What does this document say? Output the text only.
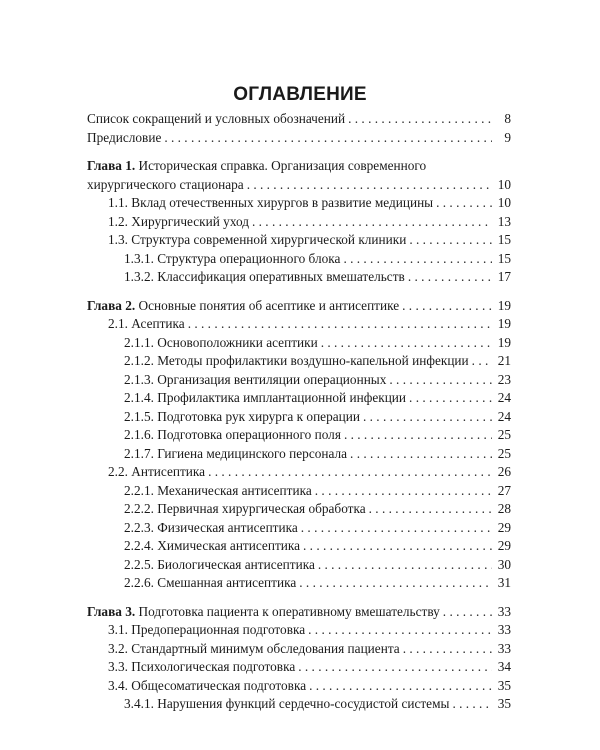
ОГЛАВЛЕНИЕ
Список сокращений и условных обозначений . . .	8
Предисловие . . .	9
Глава 1. Историческая справка. Организация современного
хирургического стационара . . .	10
1.1. Вклад отечественных хирургов в развитие медицины . . .	10
1.2. Хирургический уход . . .	13
1.3. Структура современной хирургической клиники . . .	15
1.3.1. Структура операционного блока . . .	15
1.3.2. Классификация оперативных вмешательств . . .	17
Глава 2. Основные понятия об асептике и антисептике . . .	19
2.1. Асептика . . .	19
2.1.1. Основоположники асептики . . .	19
2.1.2. Методы профилактики воздушно-капельной инфекции . . . 21
2.1.3. Организация вентиляции операционных . . .	23
2.1.4. Профилактика имплантационной инфекции . . .	24
2.1.5. Подготовка рук хирурга к операции . . .	24
2.1.6. Подготовка операционного поля . . .	25
2.1.7. Гигиена медицинского персонала . . .	25
2.2. Антисептика . . .	26
2.2.1. Механическая антисептика . . .	27
2.2.2. Первичная хирургическая обработка . . .	28
2.2.3. Физическая антисептика . . .	29
2.2.4. Химическая антисептика . . .	29
2.2.5. Биологическая антисептика . . .	30
2.2.6. Смешанная антисептика . . .	31
Глава 3. Подготовка пациента к оперативному вмешательству . . .	33
3.1. Предоперационная подготовка . . .	33
3.2. Стандартный минимум обследования пациента . . .	33
3.3. Психологическая подготовка . . .	34
3.4. Общесоматическая подготовка . . .	35
3.4.1. Нарушения функций сердечно-сосудистой системы . . .	35
